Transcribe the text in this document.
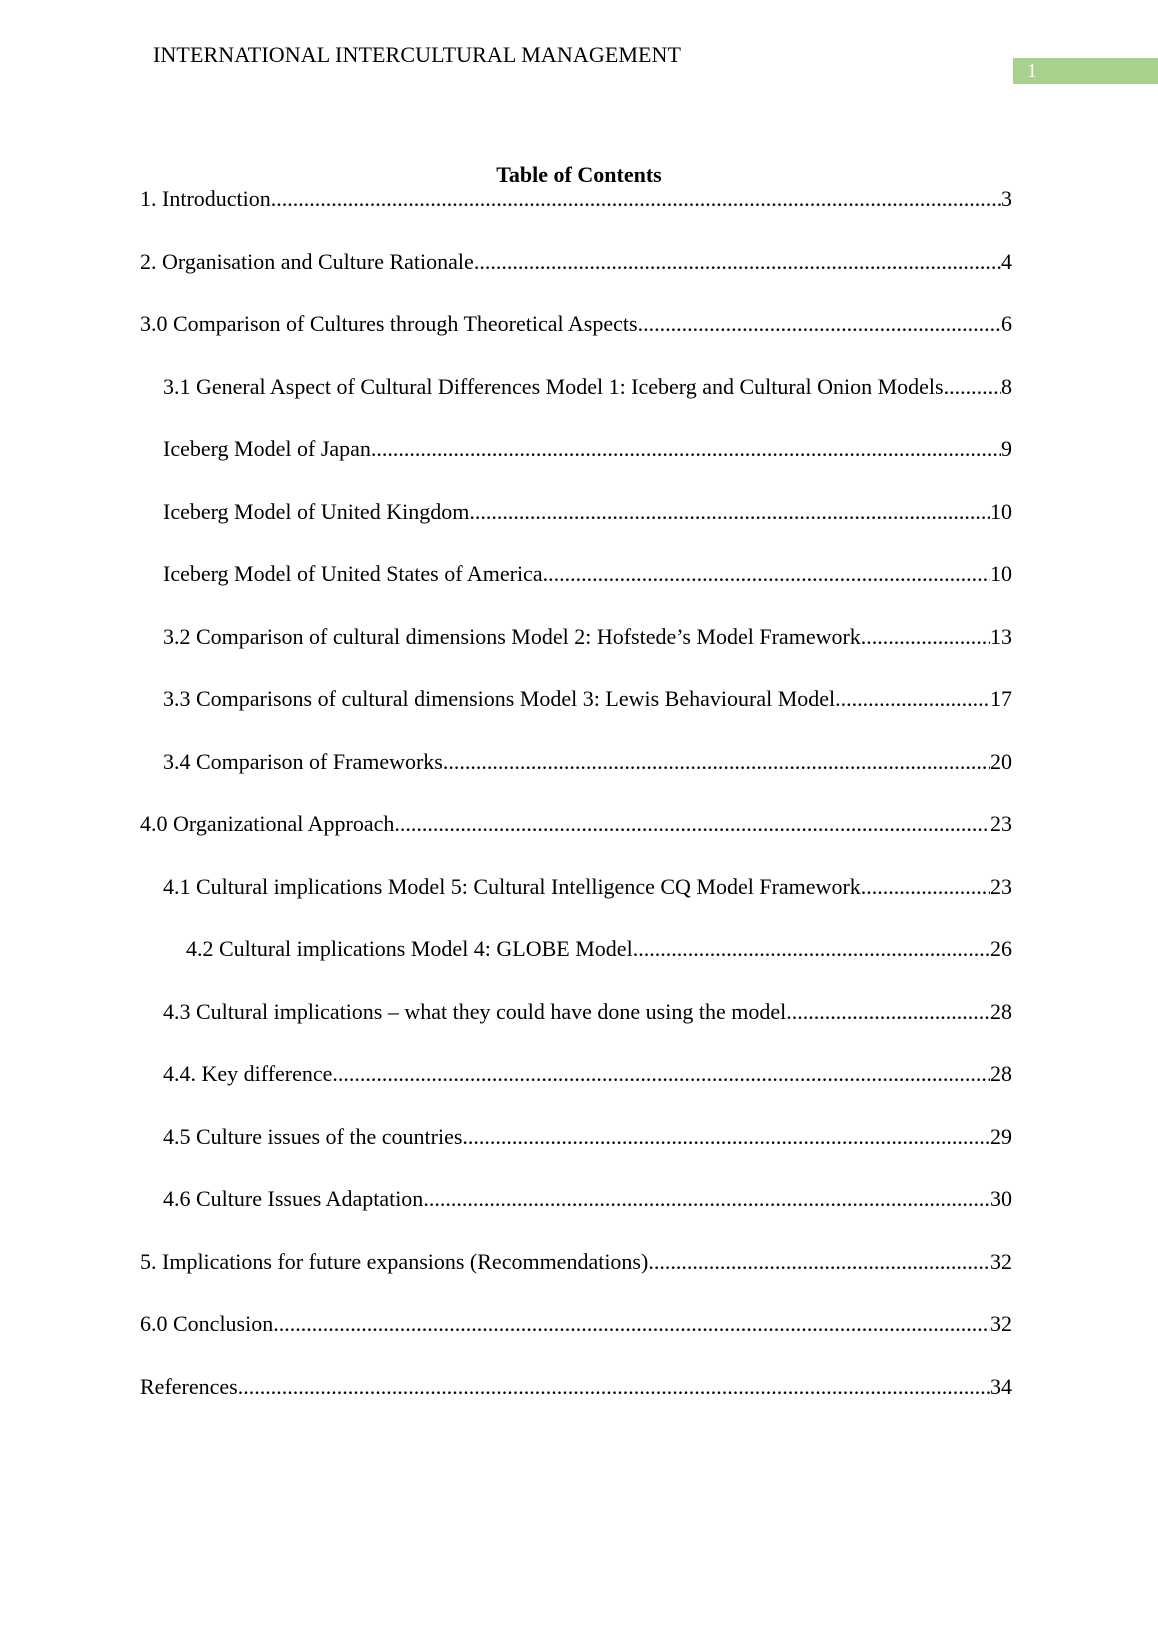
INTERNATIONAL INTERCULTURAL MANAGEMENT
1
Table of Contents
1. Introduction .....	3
2. Organisation and Culture Rationale .....	4
3.0 Comparison of Cultures through Theoretical Aspects .....	6
3.1 General Aspect of Cultural Differences Model 1: Iceberg and Cultural Onion Models .....	8
Iceberg Model of Japan .....	9
Iceberg Model of United Kingdom .....	10
Iceberg Model of United States of America .....	10
3.2 Comparison of cultural dimensions Model 2: Hofstede’s Model Framework .....	13
3.3 Comparisons of cultural dimensions Model 3: Lewis Behavioural Model .....	17
3.4 Comparison of Frameworks .....	20
4.0 Organizational Approach .....	23
4.1 Cultural implications Model 5: Cultural Intelligence CQ Model Framework .....	23
4.2 Cultural implications Model 4: GLOBE Model .....	26
4.3 Cultural implications – what they could have done using the model .....	28
4.4. Key difference .....	28
4.5 Culture issues of the countries .....	29
4.6 Culture Issues Adaptation .....	30
5. Implications for future expansions (Recommendations) .....	32
6.0 Conclusion .....	32
References .....	34
